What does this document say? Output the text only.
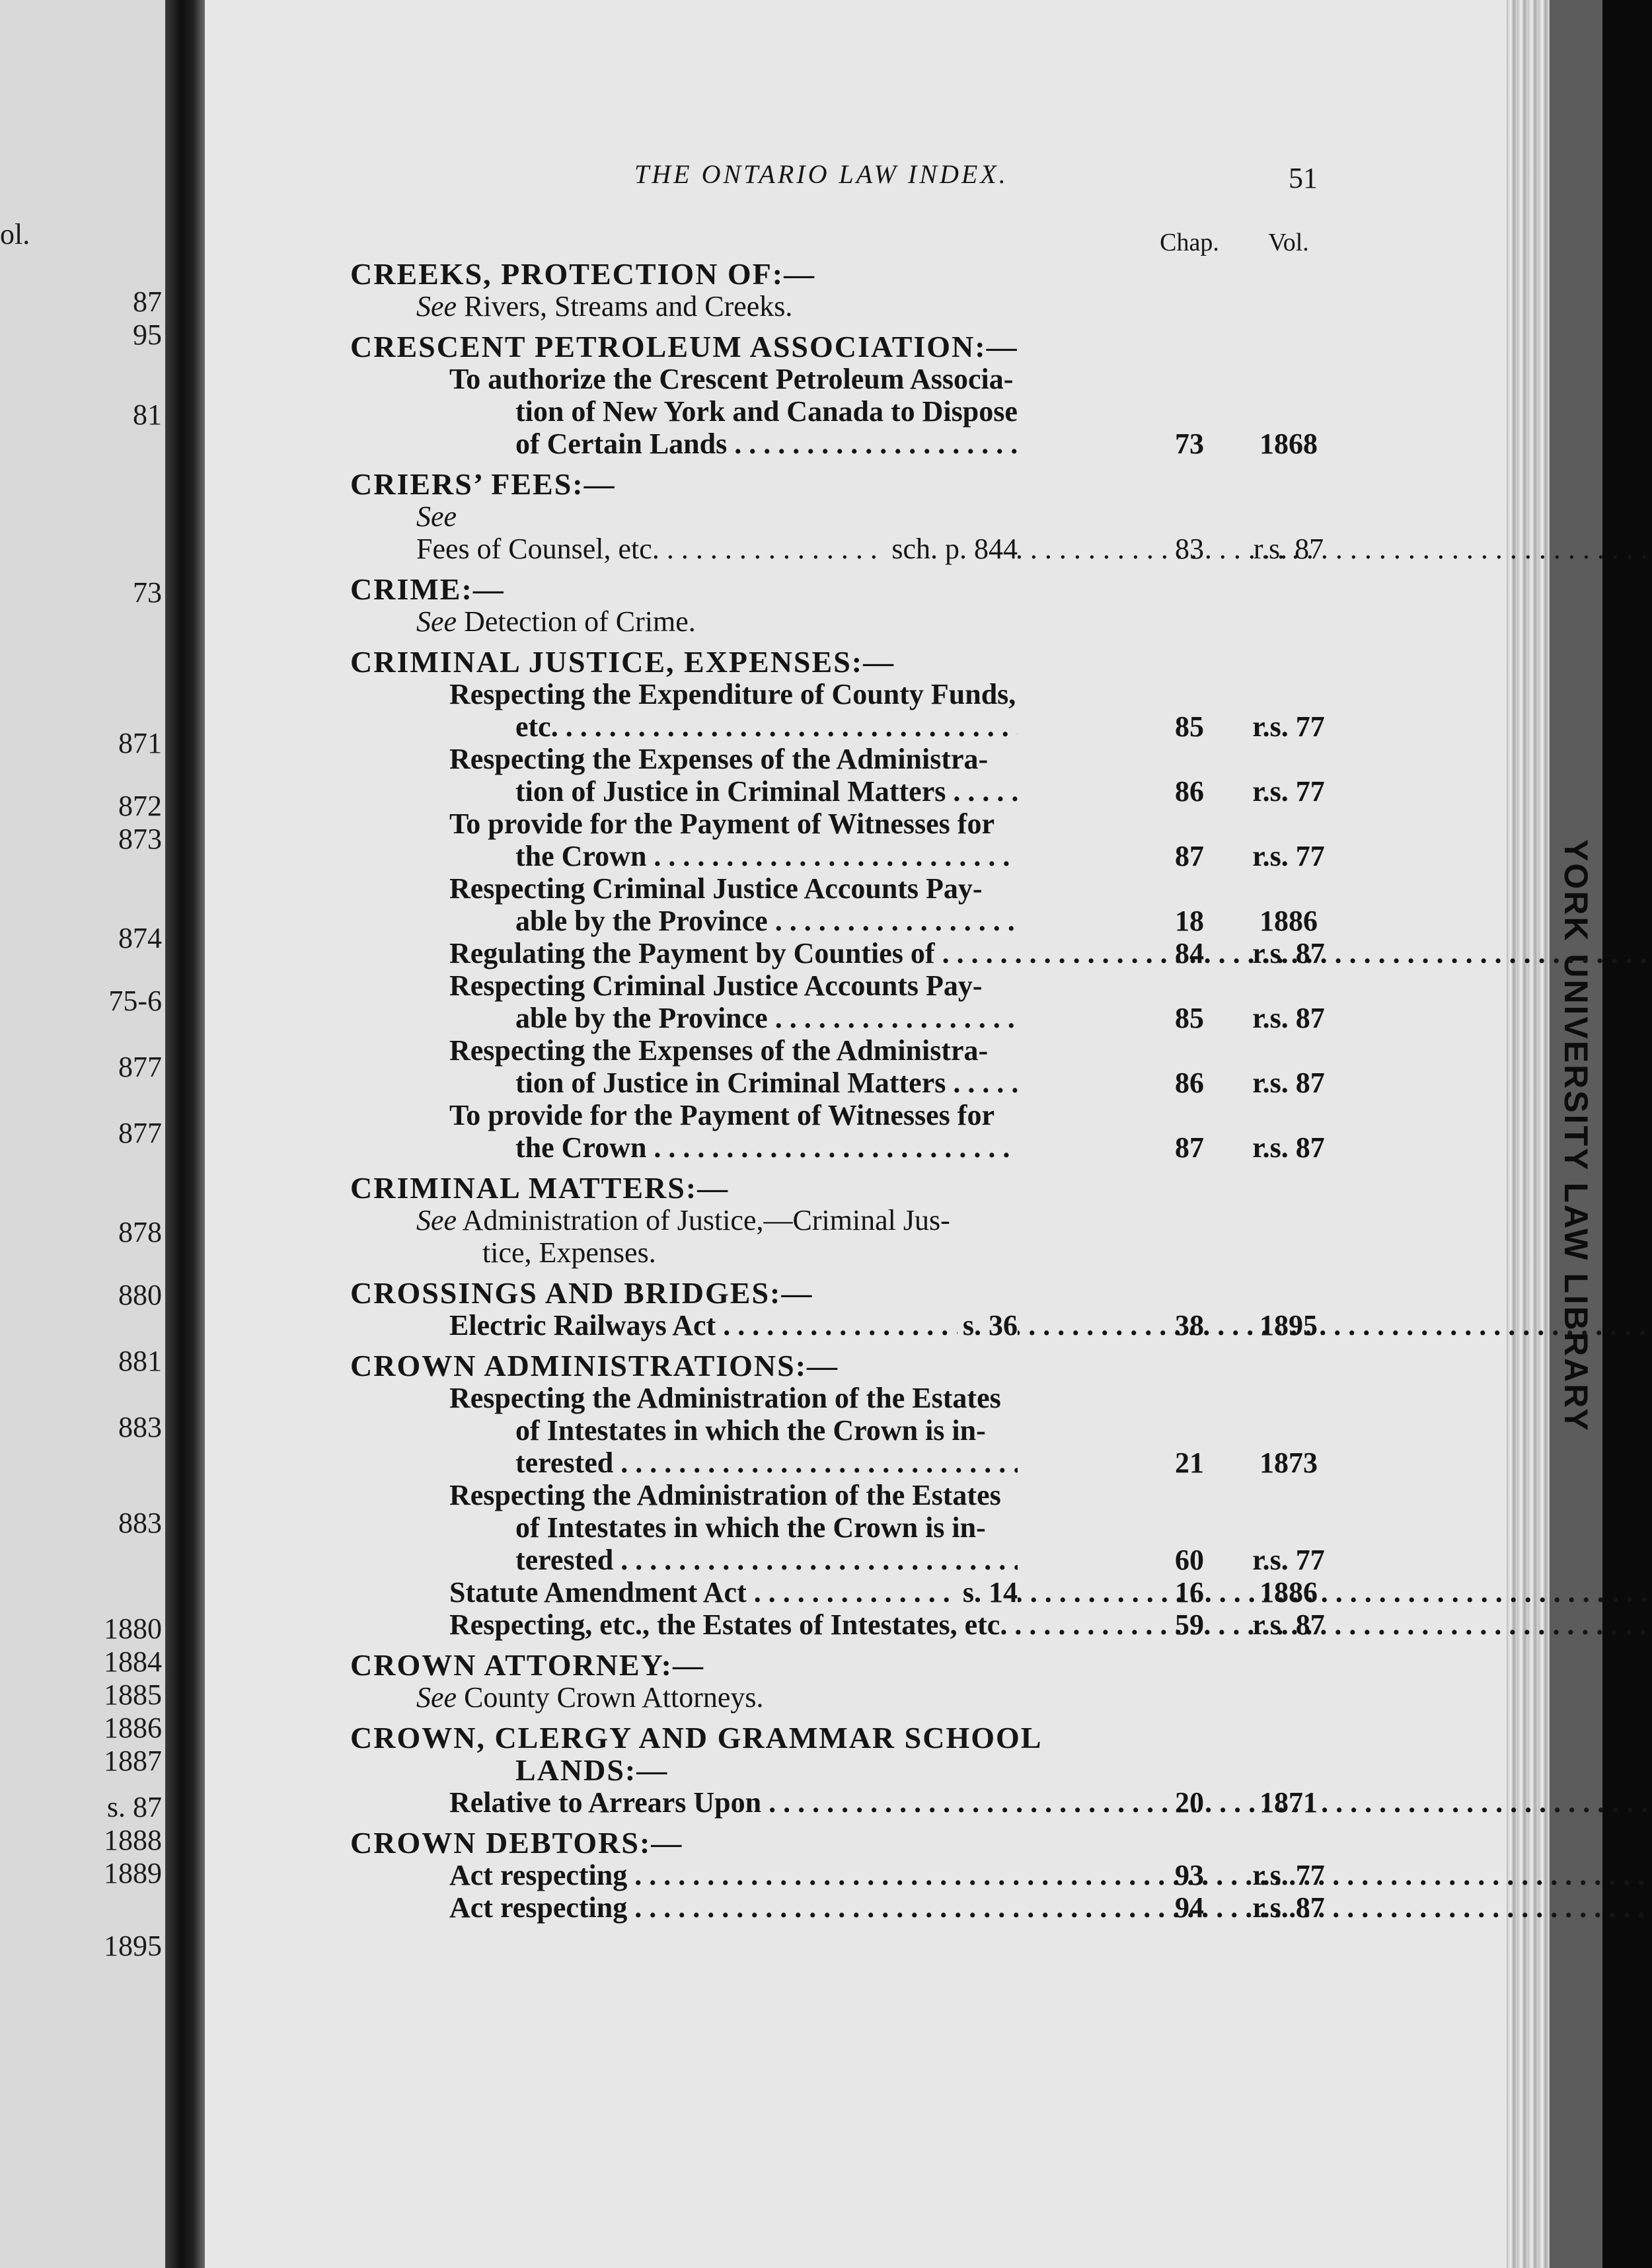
YORK UNIVERSITY LAW LIBRARY
ol.
87
95
81
73
871
872
873
874
75-6
877
877
878
880
881
883
883
1880
1884
1885
1886
1887
s. 87
1888
1889
1895
THE ONTARIO LAW INDEX.	51
Chap.	Vol.
CREEKS, PROTECTION OF:—
See Rivers, Streams and Creeks.
CRESCENT PETROLEUM ASSOCIATION:—
To authorize the Crescent Petroleum Associa-

tion of New York and Canada to Dispose
of Certain Lands . . .	73	1868
CRIERS’ FEES:—
See Fees of Counsel, etc. . . .	sch. p. 844	83	r.s. 87
CRIME:—
See Detection of Crime.
CRIMINAL JUSTICE, EXPENSES:—
Respecting the Expenditure of County Funds,

etc. . . .	85	r.s. 77
Respecting the Expenses of the Administra-

tion of Justice in Criminal Matters . . .	86	r.s. 77
To provide for the Payment of Witnesses for

the Crown . . .	87	r.s. 77
Respecting Criminal Justice Accounts Pay-

able by the Province . . .	18	1886
Regulating the Payment by Counties of . . .	84	r.s. 87
Respecting Criminal Justice Accounts Pay-

able by the Province . . .	85	r.s. 87
Respecting the Expenses of the Administra-

tion of Justice in Criminal Matters . . .	86	r.s. 87
To provide for the Payment of Witnesses for

the Crown . . .	87	r.s. 87
CRIMINAL MATTERS:—
See Administration of Justice,—Criminal Jus-

tice, Expenses.
CROSSINGS AND BRIDGES:—
Electric Railways Act . . .	s. 36	38	1895
CROWN ADMINISTRATIONS:—
Respecting the Administration of the Estates

of Intestates in which the Crown is in-
terested . . .	21	1873
Respecting the Administration of the Estates

of Intestates in which the Crown is in-
terested . . .	60	r.s. 77
Statute Amendment Act . . .	s. 14	16	1886
Respecting, etc., the Estates of Intestates, etc. . . .	59	r.s. 87
CROWN ATTORNEY:—
See County Crown Attorneys.
CROWN, CLERGY AND GRAMMAR SCHOOL
LANDS:—
Relative to Arrears Upon . . .	20	1871
CROWN DEBTORS:—
Act respecting . . .	93	r.s. 77
Act respecting . . .	94	r.s. 87
